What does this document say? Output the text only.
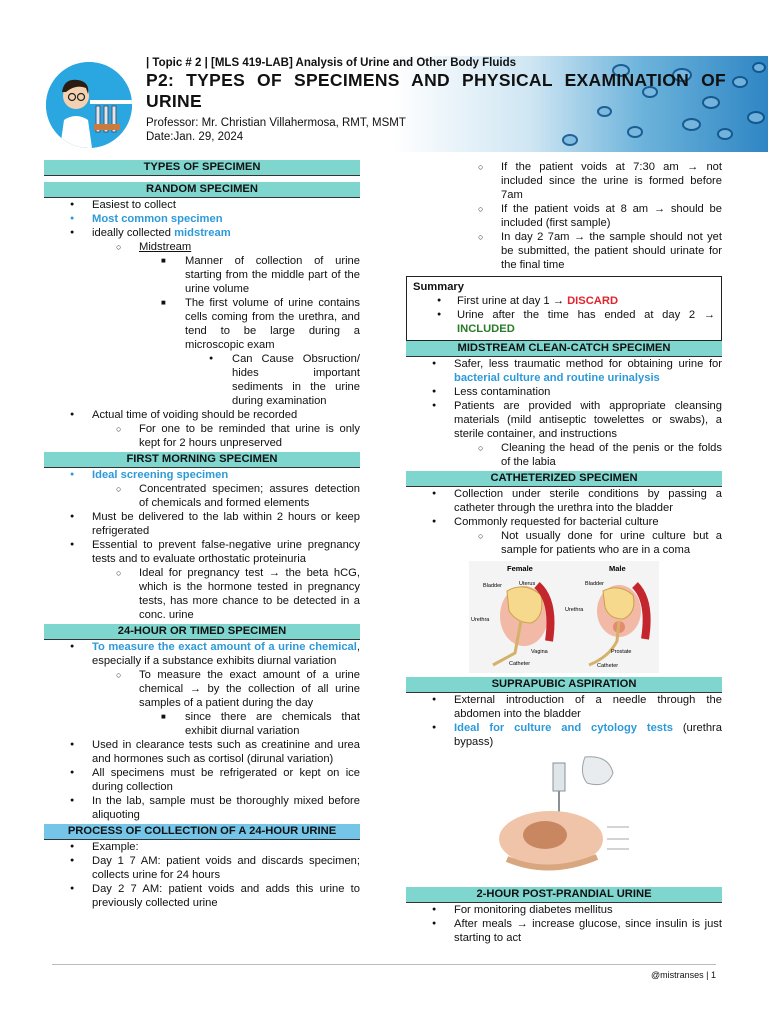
| Topic # 2 | [MLS 419-LAB] Analysis of Urine and Other Body Fluids
P2: TYPES OF SPECIMENS AND PHYSICAL EXAMINATION OF URINE
Professor: Mr. Christian Villahermosa, RMT, MSMT
Date:Jan. 29, 2024
TYPES OF SPECIMEN
RANDOM SPECIMEN
● Easiest to collect
● Most common specimen
● ideally collected midstream
○ Midstream
■ Manner of collection of urine starting from the middle part of the urine volume
■ The first volume of urine contains cells coming from the urethra, and tend to be large during a microscopic exam
● Can Cause Obsruction/ hides important sediments in the urine during examination
● Actual time of voiding should be recorded
○ For one to be reminded that urine is only kept for 2 hours unpreserved
FIRST MORNING SPECIMEN
● Ideal screening specimen
○ Concentrated specimen; assures detection of chemicals and formed elements
● Must be delivered to the lab within 2 hours or keep refrigerated
● Essential to prevent false-negative urine pregnancy tests and to evaluate orthostatic proteinuria
○ Ideal for pregnancy test → the beta hCG, which is the hormone tested in pregnancy tests, has more chance to be detected in a conc. urine
24-HOUR OR TIMED SPECIMEN
● To measure the exact amount of a urine chemical, especially if a substance exhibits diurnal variation
○ To measure the exact amount of a urine chemical → by the collection of all urine samples of a patient during the day
■ since there are chemicals that exhibit diurnal variation
● Used in clearance tests such as creatinine and urea and hormones such as cortisol (dirunal variation)
● All specimens must be refrigerated or kept on ice during collection
● In the lab, sample must be thoroughly mixed before aliquoting
PROCESS OF COLLECTION OF A 24-HOUR URINE
● Example:
● Day 1 7 AM: patient voids and discards specimen; collects urine for 24 hours
● Day 2 7 AM: patient voids and adds this urine to previously collected urine
○ If the patient voids at 7:30 am → not included since the urine is formed before 7am
○ If the patient voids at 8 am → should be included (first sample)
○ In day 2 7am → the sample should not yet be submitted, the patient should urinate for the final time
Summary
● First urine at day 1 → DISCARD
● Urine after the time has ended at day 2 → INCLUDED
MIDSTREAM CLEAN-CATCH SPECIMEN
● Safer, less traumatic method for obtaining urine for bacterial culture and routine urinalysis
● Less contamination
● Patients are provided with appropriate cleansing materials (mild antiseptic towelettes or swabs), a sterile container, and instructions
○ Cleaning the head of the penis or the folds of the labia
CATHETERIZED SPECIMEN
● Collection under sterile conditions by passing a catheter through the urethra into the bladder
● Commonly requested for bacterial culture
○ Not usually done for urine culture but a sample for patients who are in a coma
Female	Male
Bladder	Uterus
Urethra
Vagina
Catheter
Bladder
Urethra
Prostate
Catheter
SUPRAPUBIC ASPIRATION
● External introduction of a needle through the abdomen into the bladder
● Ideal for culture and cytology tests (urethra bypass)
2-HOUR POST-PRANDIAL URINE
● For monitoring diabetes mellitus
● After meals → increase glucose, since insulin is just starting to act
@mistranses | 1
